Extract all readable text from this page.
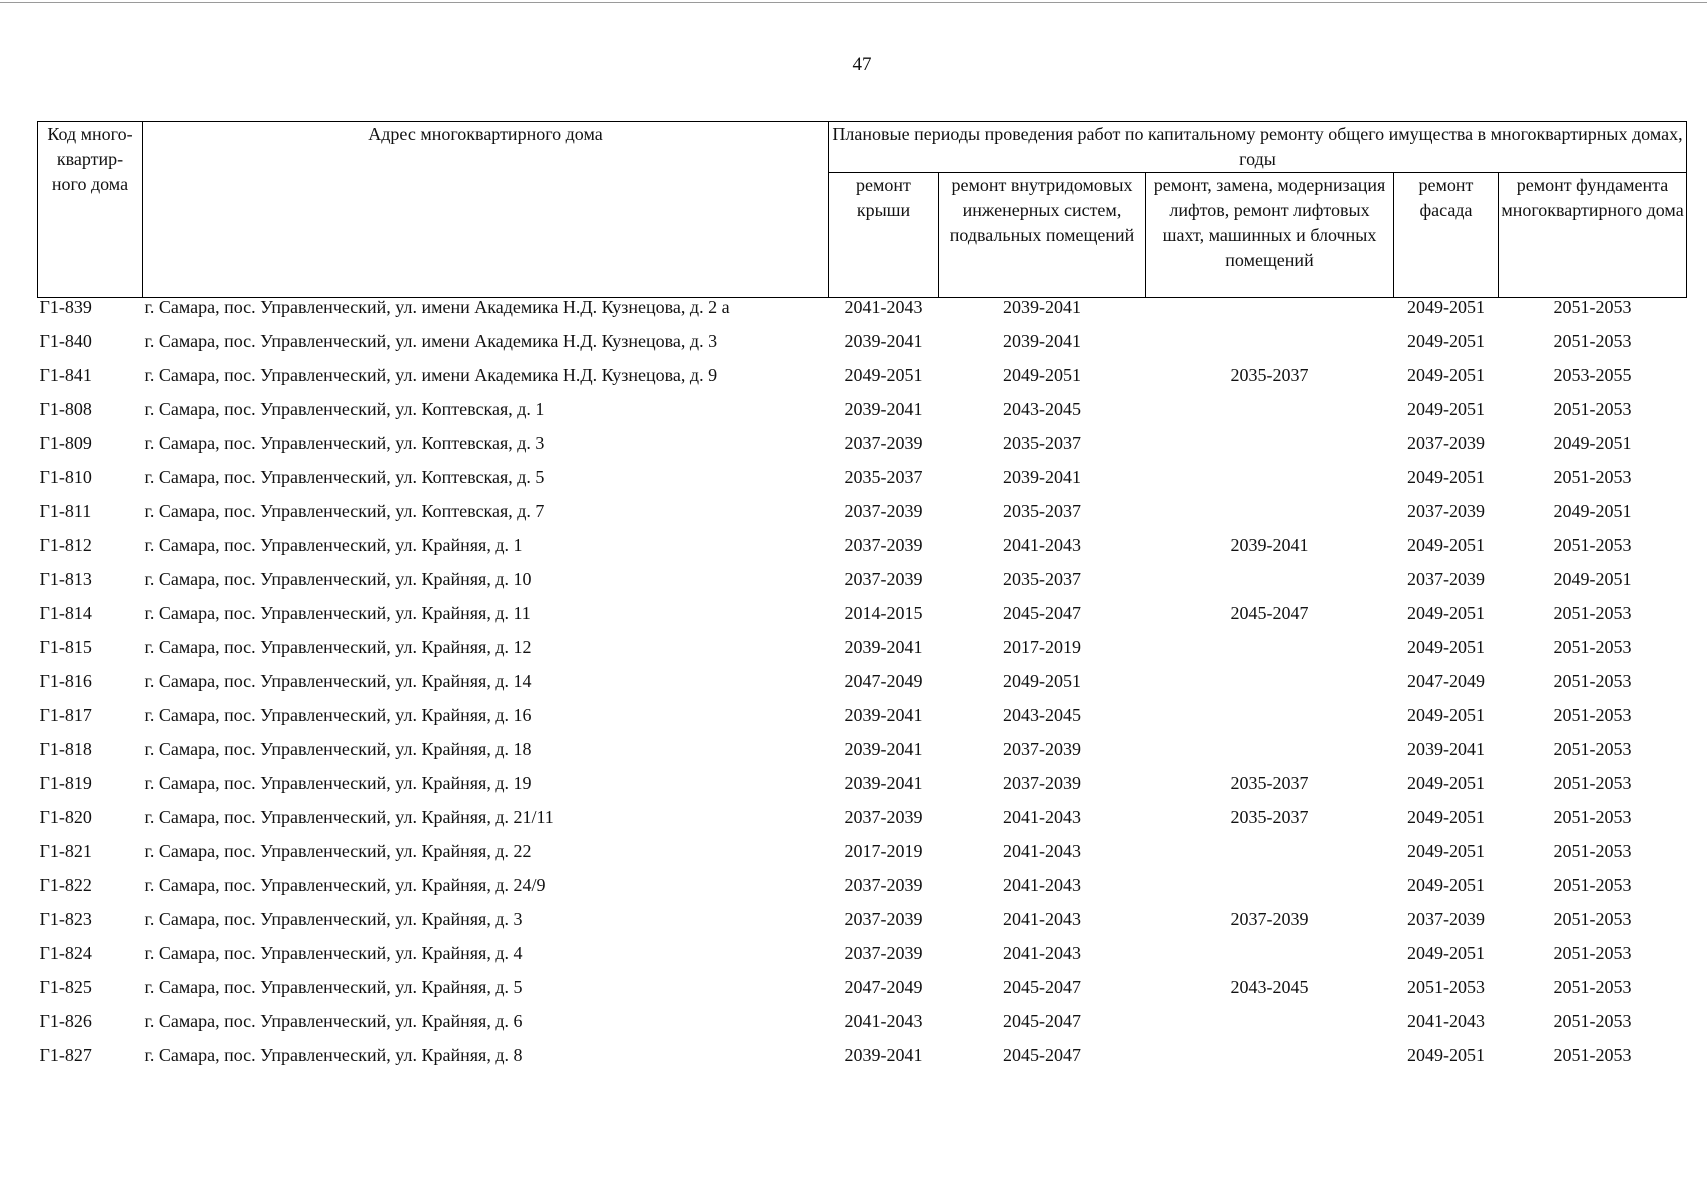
47
Код много-квартир-ного дома	Адрес многоквартирного дома	Плановые периоды проведения работ по капитальному ремонту общего имущества в многоквартирных домах, годы				
		ремонт крыши	ремонт внутридомовых инженерных систем, подвальных помещений	ремонт, замена, модернизация лифтов, ремонт лифтовых шахт, машинных и блочных помещений	ремонт фасада	ремонт фундамента многоквартирного дома
Г1-839	г. Самара, пос. Управленческий, ул. имени Академика Н.Д. Кузнецова, д. 2 а	2041-2043	2039-2041		2049-2051	2051-2053
Г1-840	г. Самара, пос. Управленческий, ул. имени Академика Н.Д. Кузнецова, д. 3	2039-2041	2039-2041		2049-2051	2051-2053
Г1-841	г. Самара, пос. Управленческий, ул. имени Академика Н.Д. Кузнецова, д. 9	2049-2051	2049-2051	2035-2037	2049-2051	2053-2055
Г1-808	г. Самара, пос. Управленческий, ул. Коптевская, д. 1	2039-2041	2043-2045		2049-2051	2051-2053
Г1-809	г. Самара, пос. Управленческий, ул. Коптевская, д. 3	2037-2039	2035-2037		2037-2039	2049-2051
Г1-810	г. Самара, пос. Управленческий, ул. Коптевская, д. 5	2035-2037	2039-2041		2049-2051	2051-2053
Г1-811	г. Самара, пос. Управленческий, ул. Коптевская, д. 7	2037-2039	2035-2037		2037-2039	2049-2051
Г1-812	г. Самара, пос. Управленческий, ул. Крайняя, д. 1	2037-2039	2041-2043	2039-2041	2049-2051	2051-2053
Г1-813	г. Самара, пос. Управленческий, ул. Крайняя, д. 10	2037-2039	2035-2037		2037-2039	2049-2051
Г1-814	г. Самара, пос. Управленческий, ул. Крайняя, д. 11	2014-2015	2045-2047	2045-2047	2049-2051	2051-2053
Г1-815	г. Самара, пос. Управленческий, ул. Крайняя, д. 12	2039-2041	2017-2019		2049-2051	2051-2053
Г1-816	г. Самара, пос. Управленческий, ул. Крайняя, д. 14	2047-2049	2049-2051		2047-2049	2051-2053
Г1-817	г. Самара, пос. Управленческий, ул. Крайняя, д. 16	2039-2041	2043-2045		2049-2051	2051-2053
Г1-818	г. Самара, пос. Управленческий, ул. Крайняя, д. 18	2039-2041	2037-2039		2039-2041	2051-2053
Г1-819	г. Самара, пос. Управленческий, ул. Крайняя, д. 19	2039-2041	2037-2039	2035-2037	2049-2051	2051-2053
Г1-820	г. Самара, пос. Управленческий, ул. Крайняя, д. 21/11	2037-2039	2041-2043	2035-2037	2049-2051	2051-2053
Г1-821	г. Самара, пос. Управленческий, ул. Крайняя, д. 22	2017-2019	2041-2043		2049-2051	2051-2053
Г1-822	г. Самара, пос. Управленческий, ул. Крайняя, д. 24/9	2037-2039	2041-2043		2049-2051	2051-2053
Г1-823	г. Самара, пос. Управленческий, ул. Крайняя, д. 3	2037-2039	2041-2043	2037-2039	2037-2039	2051-2053
Г1-824	г. Самара, пос. Управленческий, ул. Крайняя, д. 4	2037-2039	2041-2043		2049-2051	2051-2053
Г1-825	г. Самара, пос. Управленческий, ул. Крайняя, д. 5	2047-2049	2045-2047	2043-2045	2051-2053	2051-2053
Г1-826	г. Самара, пос. Управленческий, ул. Крайняя, д. 6	2041-2043	2045-2047		2041-2043	2051-2053
Г1-827	г. Самара, пос. Управленческий, ул. Крайняя, д. 8	2039-2041	2045-2047		2049-2051	2051-2053
